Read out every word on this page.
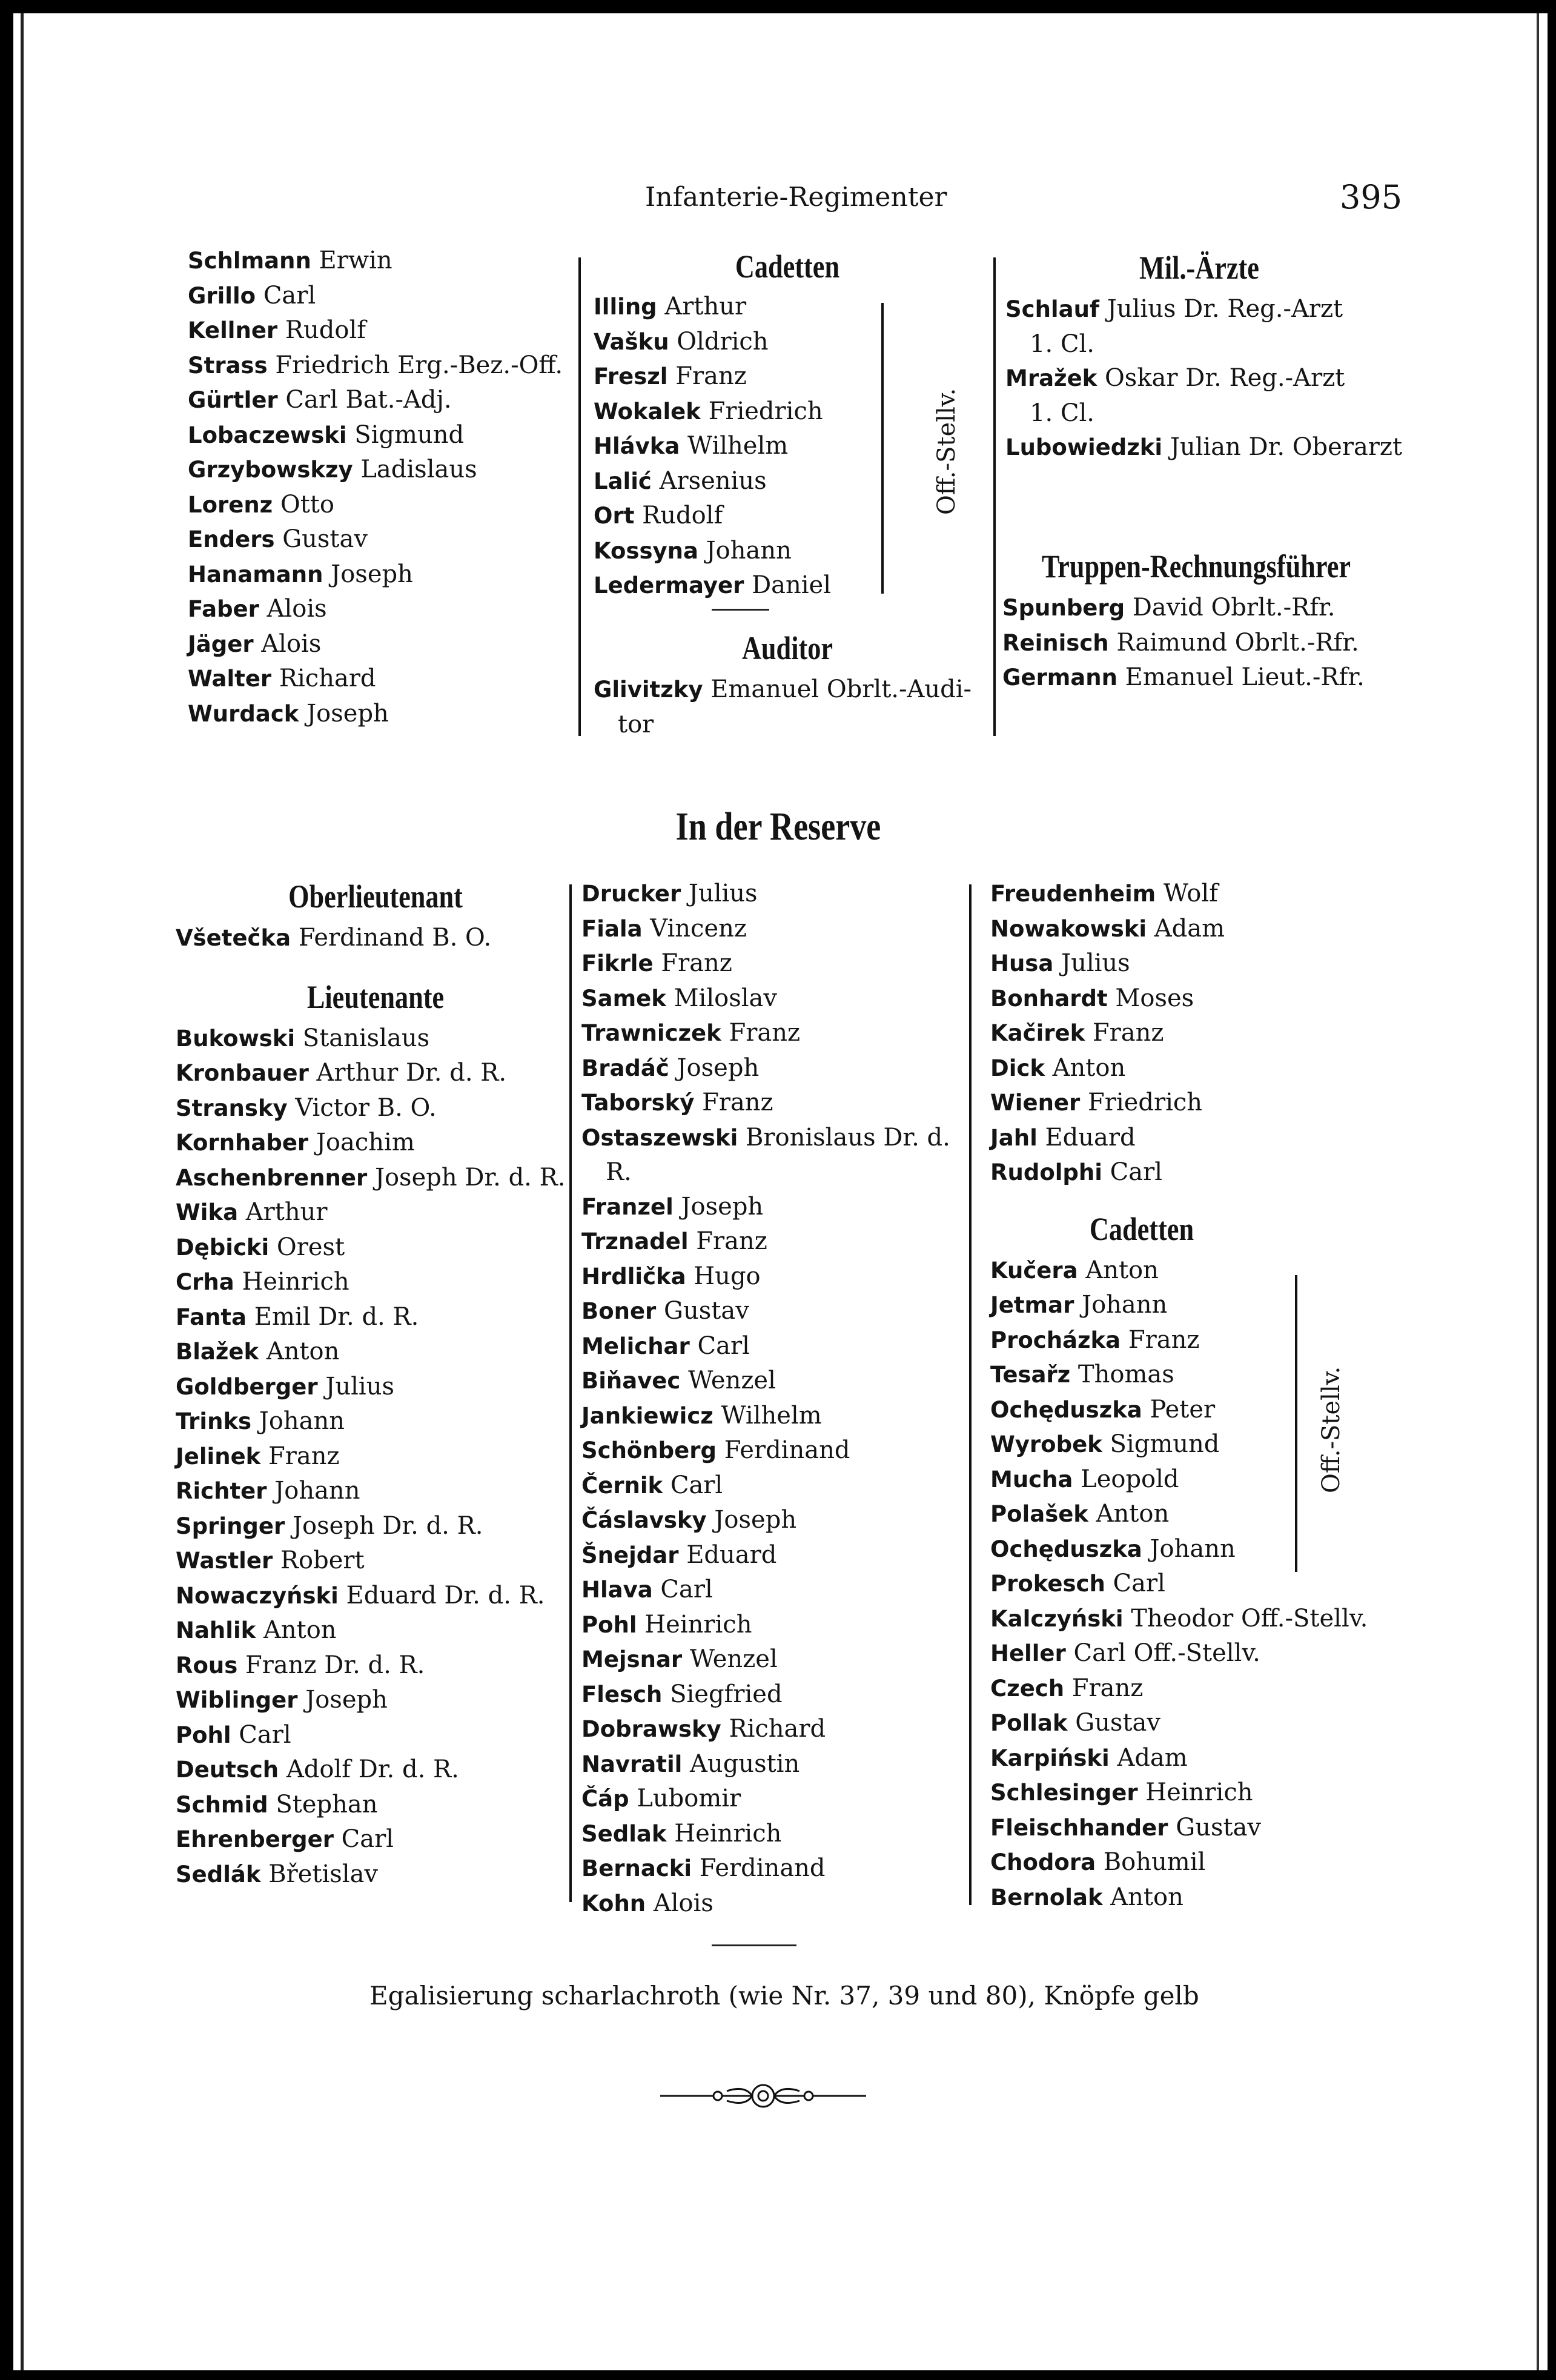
Infanterie-Regimenter	395
Schlmann Erwin
Grillo Carl
Kellner Rudolf
Strass Friedrich Erg.-Bez.-Off.
Gürtler Carl Bat.-Adj.
Lobaczewski Sigmund
Grzybowskzy Ladislaus
Lorenz Otto
Enders Gustav
Hanamann Joseph
Faber Alois
Jäger Alois
Walter Richard
Wurdack Joseph
Cadetten
Illing Arthur
Vašku Oldrich
Freszl Franz
Wokalek Friedrich
Hlávka Wilhelm
Lalić Arsenius
Ort Rudolf
Kossyna Johann
Ledermayer Daniel
Off.-Stellv.
Auditor
Glivitzky Emanuel Obrlt.-Audi-
tor
Mil.-Ärzte
Schlauf Julius Dr. Reg.-Arzt
1. Cl.
Mražek Oskar Dr. Reg.-Arzt
1. Cl.
Lubowiedzki Julian Dr. Oberarzt
Truppen-Rechnungsführer
Spunberg David Obrlt.-Rfr.
Reinisch Raimund Obrlt.-Rfr.
Germann Emanuel Lieut.-Rfr.
In der Reserve
Oberlieutenant
Všetečka Ferdinand B. O.
Lieutenante
Bukowski Stanislaus
Kronbauer Arthur Dr. d. R.
Stransky Victor B. O.
Kornhaber Joachim
Aschenbrenner Joseph Dr. d. R.
Wika Arthur
Dębicki Orest
Crha Heinrich
Fanta Emil Dr. d. R.
Blažek Anton
Goldberger Julius
Trinks Johann
Jelinek Franz
Richter Johann
Springer Joseph Dr. d. R.
Wastler Robert
Nowaczyński Eduard Dr. d. R.
Nahlik Anton
Rous Franz Dr. d. R.
Wiblinger Joseph
Pohl Carl
Deutsch Adolf Dr. d. R.
Schmid Stephan
Ehrenberger Carl
Sedlák Břetislav
Drucker Julius
Fiala Vincenz
Fikrle Franz
Samek Miloslav
Trawniczek Franz
Bradáč Joseph
Taborský Franz
Ostaszewski Bronislaus Dr. d.
R.
Franzel Joseph
Trznadel Franz
Hrdlička Hugo
Boner Gustav
Melichar Carl
Biňavec Wenzel
Jankiewicz Wilhelm
Schönberg Ferdinand
Černik Carl
Čáslavsky Joseph
Šnejdar Eduard
Hlava Carl
Pohl Heinrich
Mejsnar Wenzel
Flesch Siegfried
Dobrawsky Richard
Navratil Augustin
Čáp Lubomir
Sedlak Heinrich
Bernacki Ferdinand
Kohn Alois
Freudenheim Wolf
Nowakowski Adam
Husa Julius
Bonhardt Moses
Kačirek Franz
Dick Anton
Wiener Friedrich
Jahl Eduard
Rudolphi Carl
Cadetten
Kučera Anton
Jetmar Johann
Procházka Franz
Tesařz Thomas
Ochęduszka Peter
Wyrobek Sigmund
Mucha Leopold
Polašek Anton
Ochęduszka Johann
Prokesch Carl
Kalczyński Theodor Off.-Stellv.
Heller Carl Off.-Stellv.
Czech Franz
Pollak Gustav
Karpiński Adam
Schlesinger Heinrich
Fleischhander Gustav
Chodora Bohumil
Bernolak Anton
Off.-Stellv.
Egalisierung scharlachroth (wie Nr. 37, 39 und 80), Knöpfe gelb
